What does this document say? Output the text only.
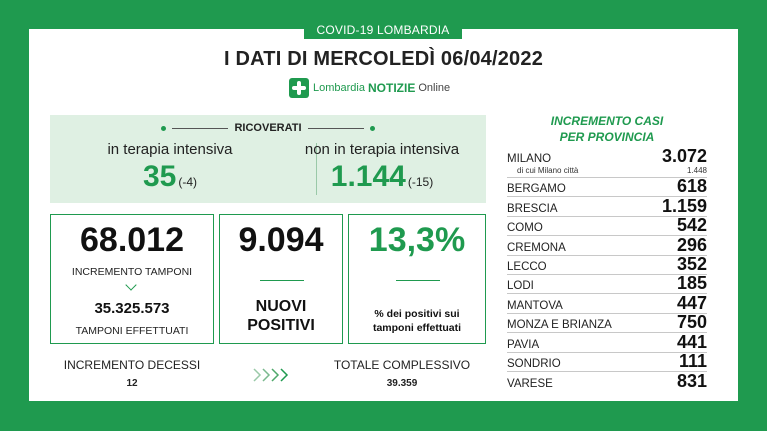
COVID-19 LOMBARDIA
I DATI DI MERCOLEDÌ 06/04/2022
Lombardia NOTIZIE Online
RICOVERATI
in terapia intensiva
35 (-4)
non in terapia intensiva
1.144 (-15)
68.012
INCREMENTO TAMPONI
35.325.573
TAMPONI EFFETTUATI
9.094
NUOVI
POSITIVI
13,3%
% dei positivi sui
tamponi effettuati
INCREMENTO DECESSI
12
TOTALE COMPLESSIVO
39.359
INCREMENTO CASI
PER PROVINCIA
MILANO	3.072
di cui Milano città	1.448
BERGAMO	618
BRESCIA	1.159
COMO	542
CREMONA	296
LECCO	352
LODI	185
MANTOVA	447
MONZA E BRIANZA	750
PAVIA	441
SONDRIO	111
VARESE	831
